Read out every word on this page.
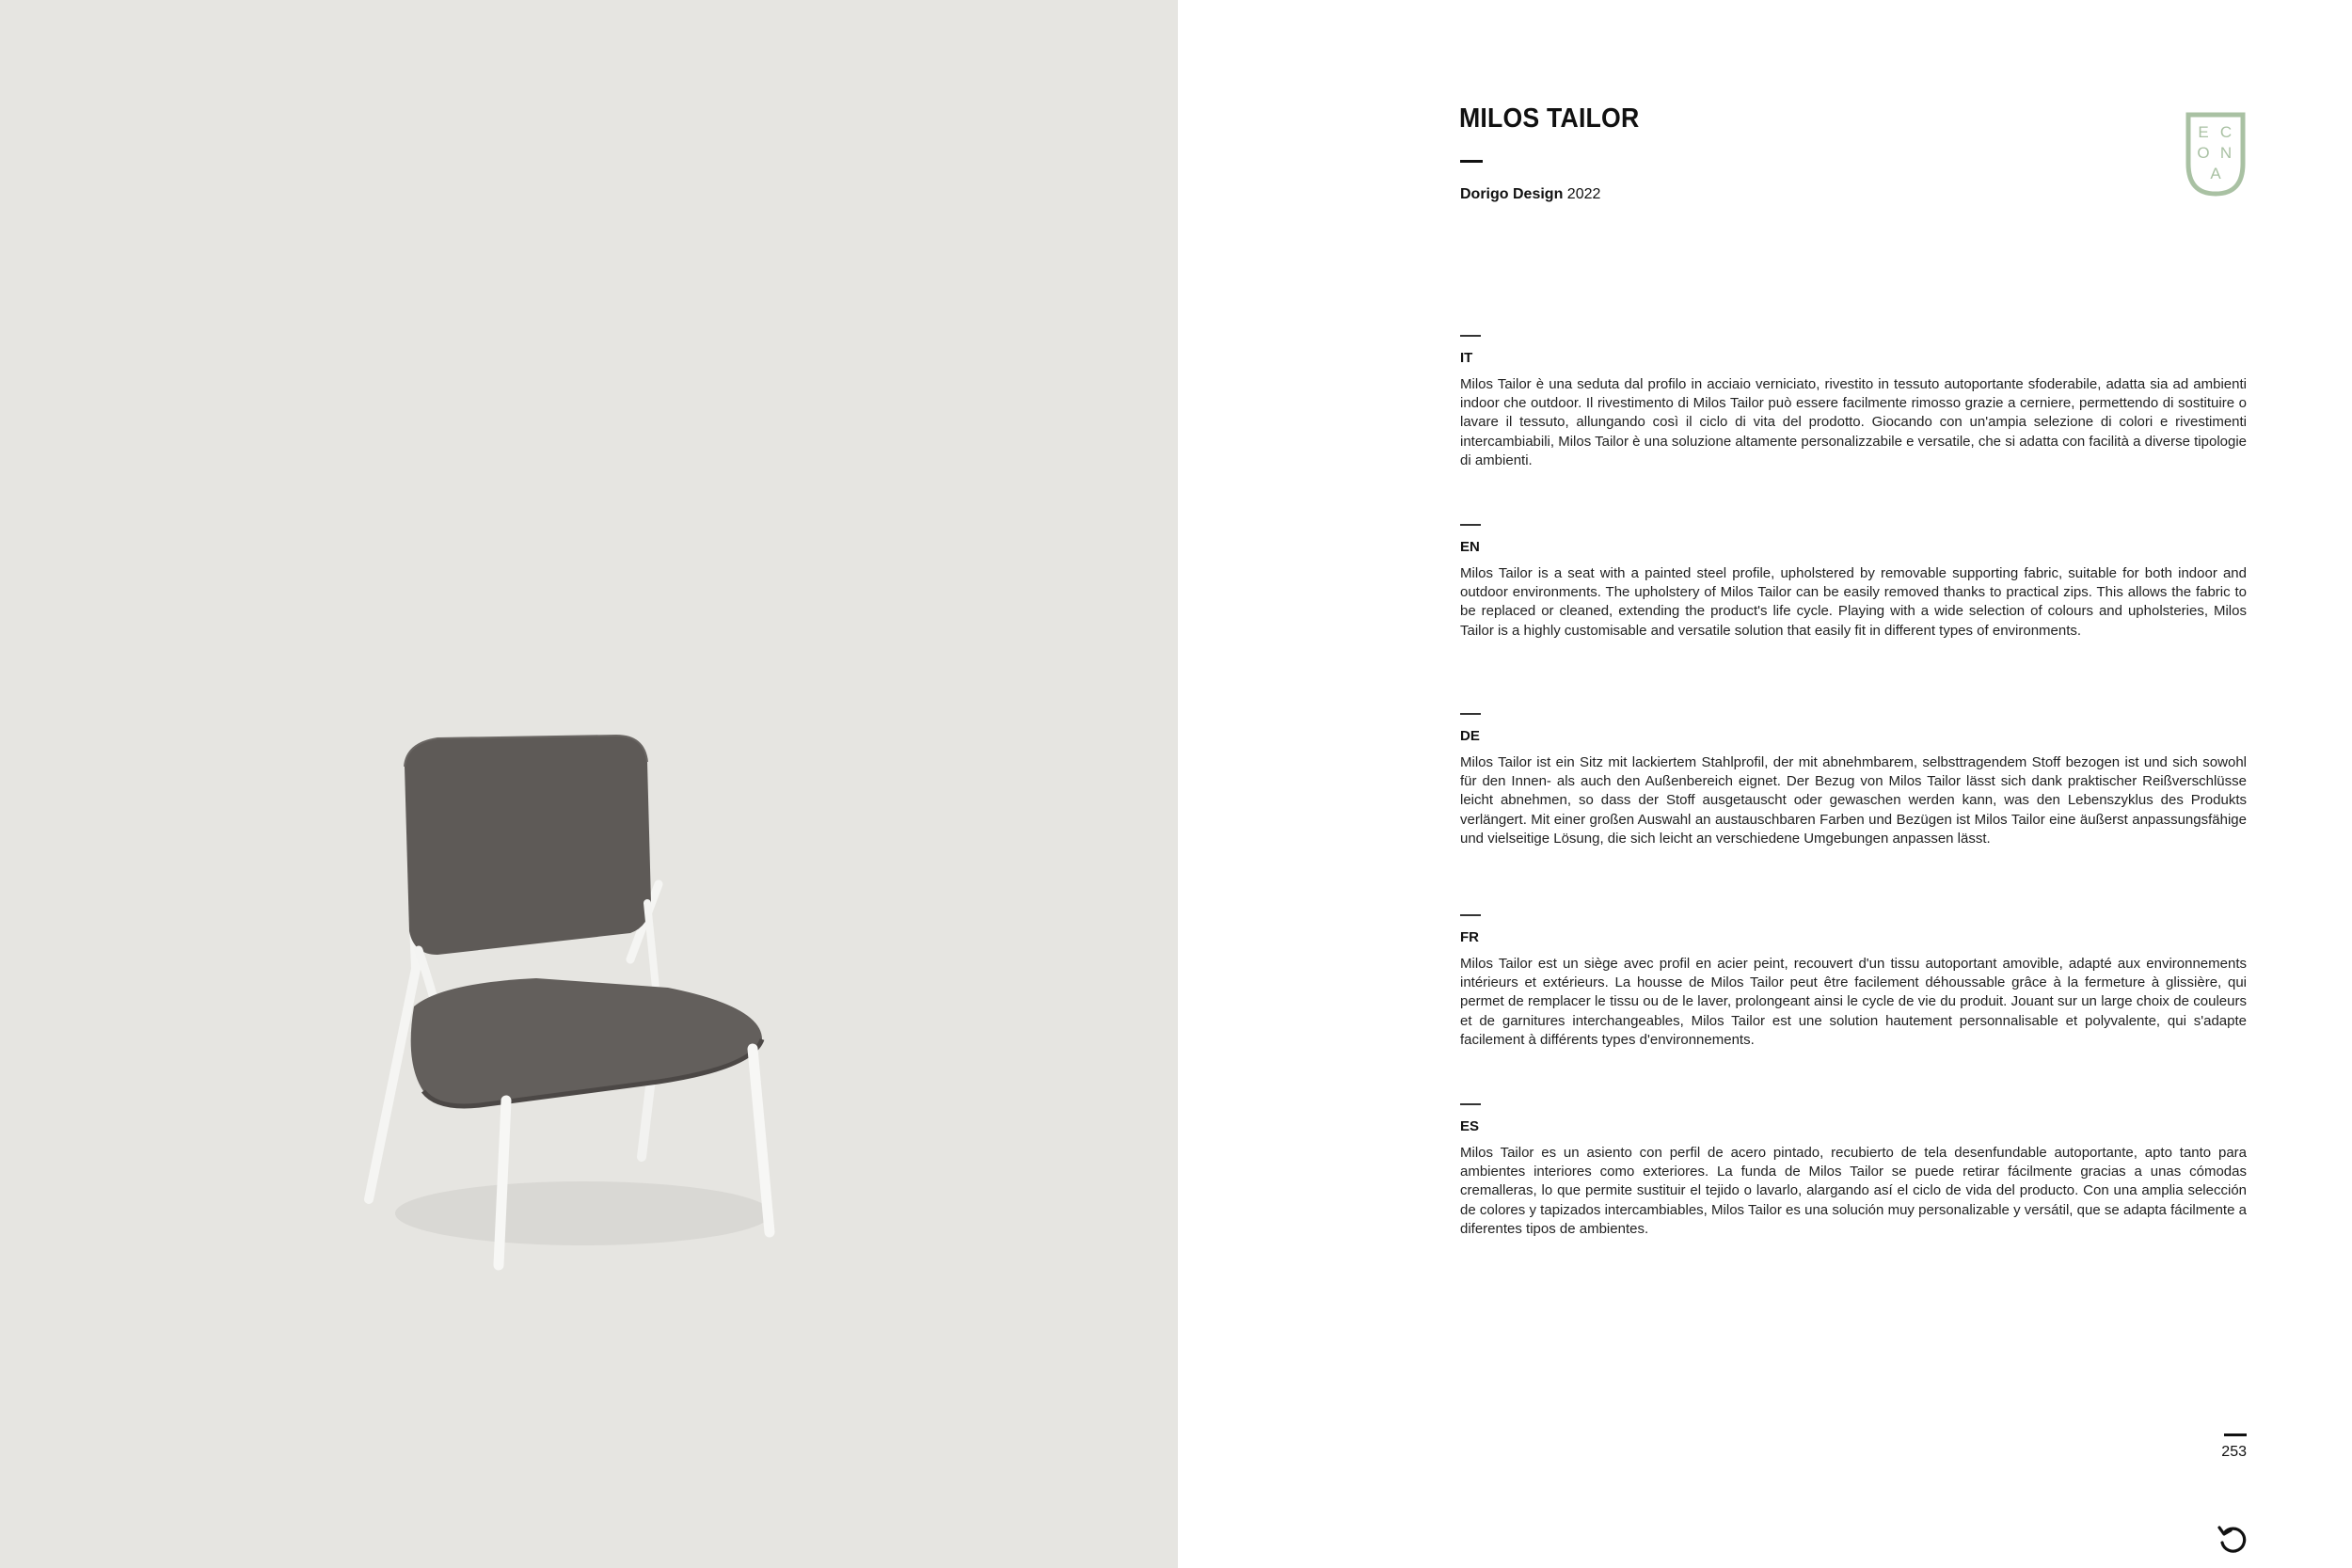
MILOS TAILOR
Dorigo Design 2022
E C
O N
A
IT
Milos Tailor è una seduta dal profilo in acciaio verniciato, rivestito in tessuto autoportante sfoderabile, adatta sia ad ambienti indoor che outdoor. Il rivestimento di Milos Tailor può essere facilmente rimosso grazie a cerniere, permettendo di sostituire o lavare il tessuto, allungando così il ciclo di vita del prodotto. Giocando con un'ampia selezione di colori e rivestimenti intercambiabili, Milos Tailor è una soluzione altamente personalizzabile e versatile, che si adatta con facilità a diverse tipologie di ambienti.
EN
Milos Tailor is a seat with a painted steel profile, upholstered by removable supporting fabric, suitable for both indoor and outdoor environments. The upholstery of Milos Tailor can be easily removed thanks to practical zips. This allows the fabric to be replaced or cleaned, extending the product's life cycle. Playing with a wide selection of colours and upholsteries, Milos Tailor is a highly customisable and versatile solution that easily fit in different types of environments.
DE
Milos Tailor ist ein Sitz mit lackiertem Stahlprofil, der mit abnehmbarem, selbsttragendem Stoff bezogen ist und sich sowohl für den Innen- als auch den Außenbereich eignet. Der Bezug von Milos Tailor lässt sich dank praktischer Reißverschlüsse leicht abnehmen, so dass der Stoff ausgetauscht oder gewaschen werden kann, was den Lebenszyklus des Produkts verlängert. Mit einer großen Auswahl an austauschbaren Farben und Bezügen ist Milos Tailor eine äußerst anpassungsfähige und vielseitige Lösung, die sich leicht an verschiedene Umgebungen anpassen lässt.
FR
Milos Tailor est un siège avec profil en acier peint, recouvert d'un tissu autoportant amovible, adapté aux environnements intérieurs et extérieurs. La housse de Milos Tailor peut être facilement déhoussable grâce à la fermeture à glissière, qui permet de remplacer le tissu ou de le laver, prolongeant ainsi le cycle de vie du produit. Jouant sur un large choix de couleurs et de garnitures interchangeables, Milos Tailor est une solution hautement personnalisable et polyvalente, qui s'adapte facilement à différents types d'environnements.
ES
Milos Tailor es un asiento con perfil de acero pintado, recubierto de tela desenfundable autoportante, apto tanto para ambientes interiores como exteriores. La funda de Milos Tailor se puede retirar fácilmente gracias a unas cómodas cremalleras, lo que permite sustituir el tejido o lavarlo, alargando así el ciclo de vida del producto. Con una amplia selección de colores y tapizados intercambiables, Milos Tailor es una solución muy personalizable y versátil, que se adapta fácilmente a diferentes tipos de ambientes.
253
